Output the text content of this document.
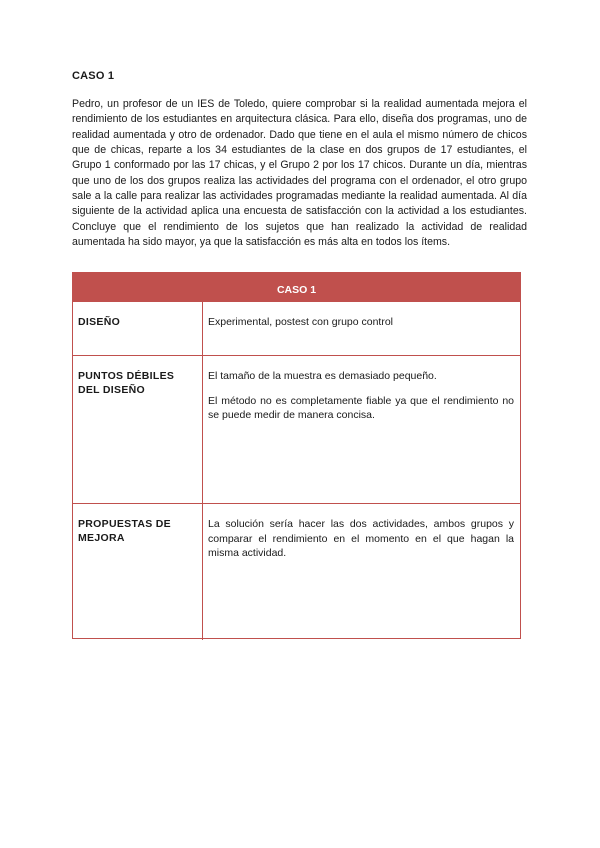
CASO 1

Pedro, un profesor de un IES de Toledo, quiere comprobar si la realidad aumentada mejora el rendimiento de los estudiantes en arquitectura clásica. Para ello, diseña dos programas, uno de realidad aumentada y otro de ordenador. Dado que tiene en el aula el mismo número de chicos que de chicas, reparte a los 34 estudiantes de la clase en dos grupos de 17 estudiantes, el Grupo 1 conformado por las 17 chicas, y el Grupo 2 por los 17 chicos. Durante un día, mientras que uno de los dos grupos realiza las actividades del programa con el ordenador, el otro grupo sale a la calle para realizar las actividades programadas mediante la realidad aumentada. Al día siguiente de la actividad aplica una encuesta de satisfacción con la actividad a los estudiantes. Concluye que el rendimiento de los sujetos que han realizado la actividad de realidad aumentada ha sido mayor, ya que la satisfacción es más alta en todos los ítems.

CASO 1
DISEÑO	Experimental, postest con grupo control

PUNTOS DÉBILES DEL DISEÑO

El tamaño de la muestra es demasiado pequeño.

El método no es completamente fiable ya que el rendimiento no se puede medir de manera concisa.

PROPUESTAS DE MEJORA

La solución sería hacer las dos actividades, ambos grupos y comparar el rendimiento en el momento en el que hagan la misma actividad.
